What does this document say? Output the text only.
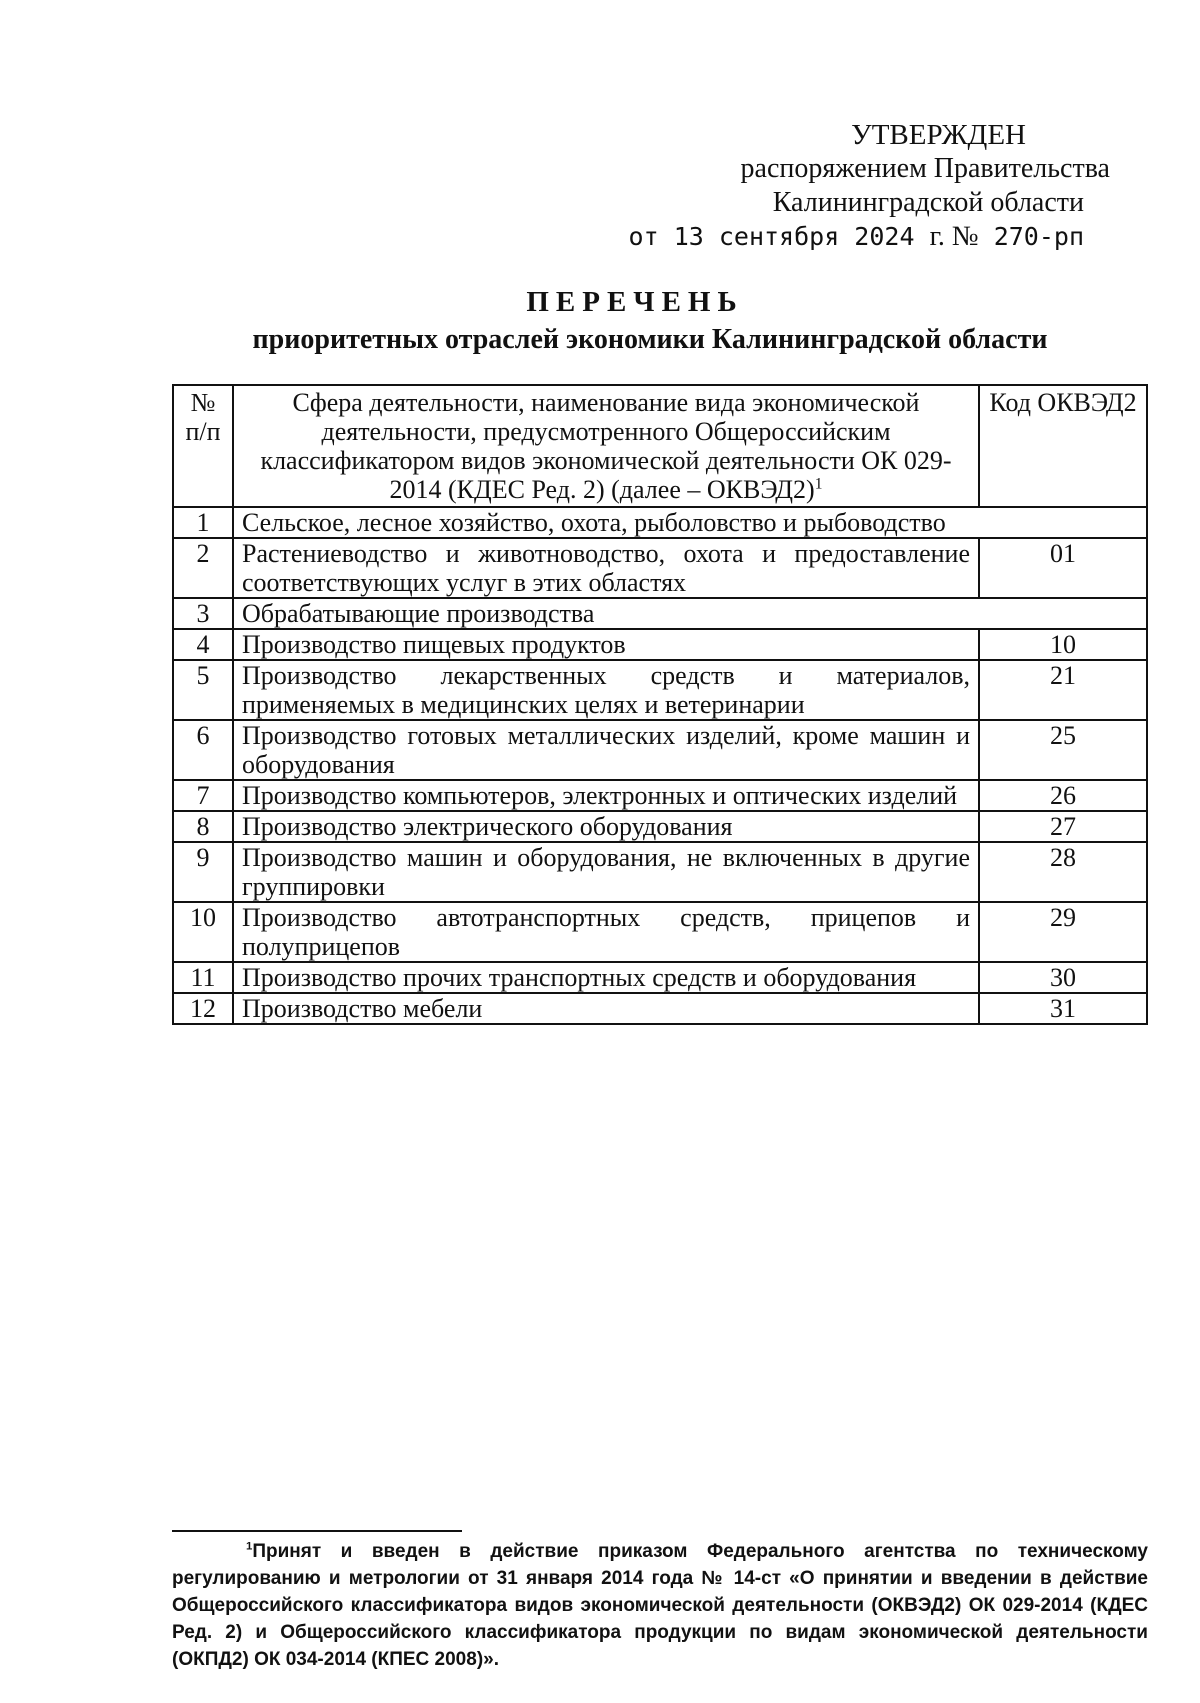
УТВЕРЖДЕН
распоряжением Правительства
Калининградской области
от 13 сентября 2024 г. № 270-рп
ПЕРЕЧЕНЬ
приоритетных отраслей экономики Калининградской области
№ п/п	Сфера деятельности, наименование вида экономической деятельности, предусмотренного Общероссийским классификатором видов экономической деятельности ОК 029-2014 (КДЕС Ред. 2) (далее – ОКВЭД2)$^1$	Код ОКВЭД2
1	Сельское, лесное хозяйство, охота, рыболовство и рыбоводство	
2	Растениеводство и животноводство, охота и предоставление соответствующих услуг в этих областях	01
3	Обрабатывающие производства	
4	Производство пищевых продуктов	10
5	Производство лекарственных средств и материалов, применяемых в медицинских целях и ветеринарии	21
6	Производство готовых металлических изделий, кроме машин и оборудования	25
7	Производство компьютеров, электронных и оптических изделий	26
8	Производство электрического оборудования	27
9	Производство машин и оборудования, не включенных в другие группировки	28
10	Производство автотранспортных средств, прицепов и полуприцепов	29
11	Производство прочих транспортных средств и оборудования	30
12	Производство мебели	31
$^1$Принят и введен в действие приказом Федерального агентства по техническому регулированию и метрологии от 31 января 2014 года № 14-ст «О принятии и введении в действие Общероссийского классификатора видов экономической деятельности (ОКВЭД2) ОК 029-2014 (КДЕС Ред. 2) и Общероссийского классификатора продукции по видам экономической деятельности (ОКПД2) ОК 034-2014 (КПЕС 2008)».
